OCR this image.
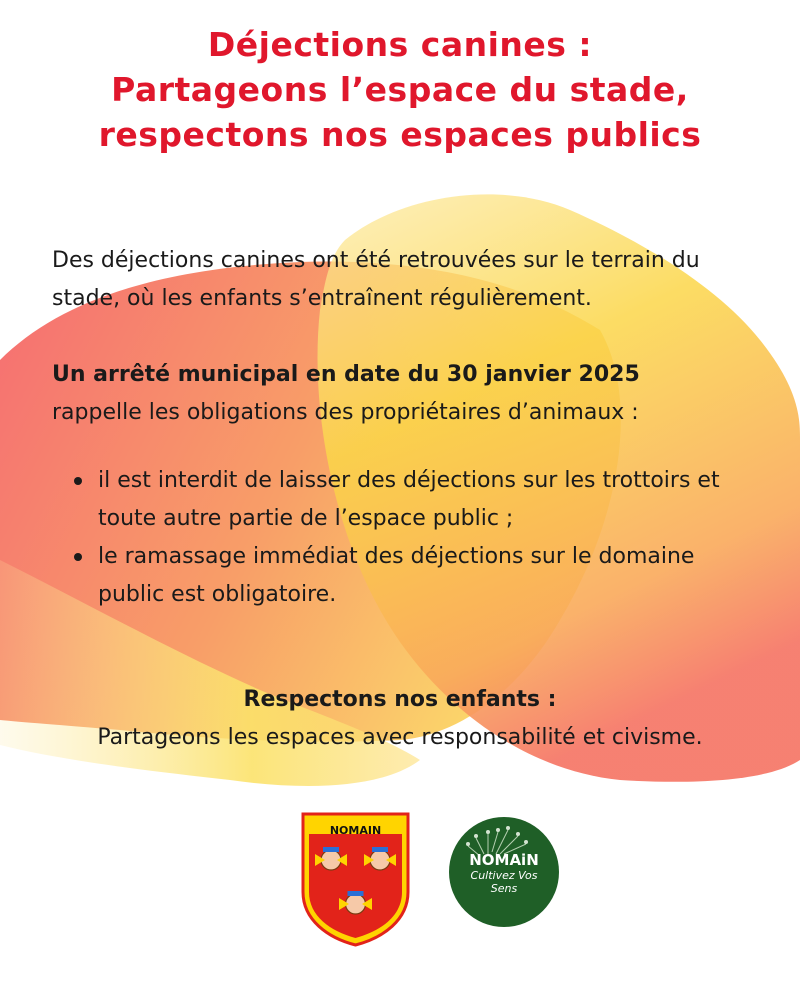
Déjections canines :
Partageons l’espace du stade,
respectons nos espaces publics

Des déjections canines ont été retrouvées sur le terrain du stade, où les enfants s’entraînent régulièrement.

Un arrêté municipal en date du 30 janvier 2025

rappelle les obligations des propriétaires d’animaux :

il est interdit de laisser des déjections sur les trottoirs et toute autre partie de l’espace public ;
le ramassage immédiat des déjections sur le domaine public est obligatoire.

Respectons nos enfants :

Partageons les espaces avec responsabilité et civisme.

NOMAIN
NOMAiN
Cultivez Vos Sens
